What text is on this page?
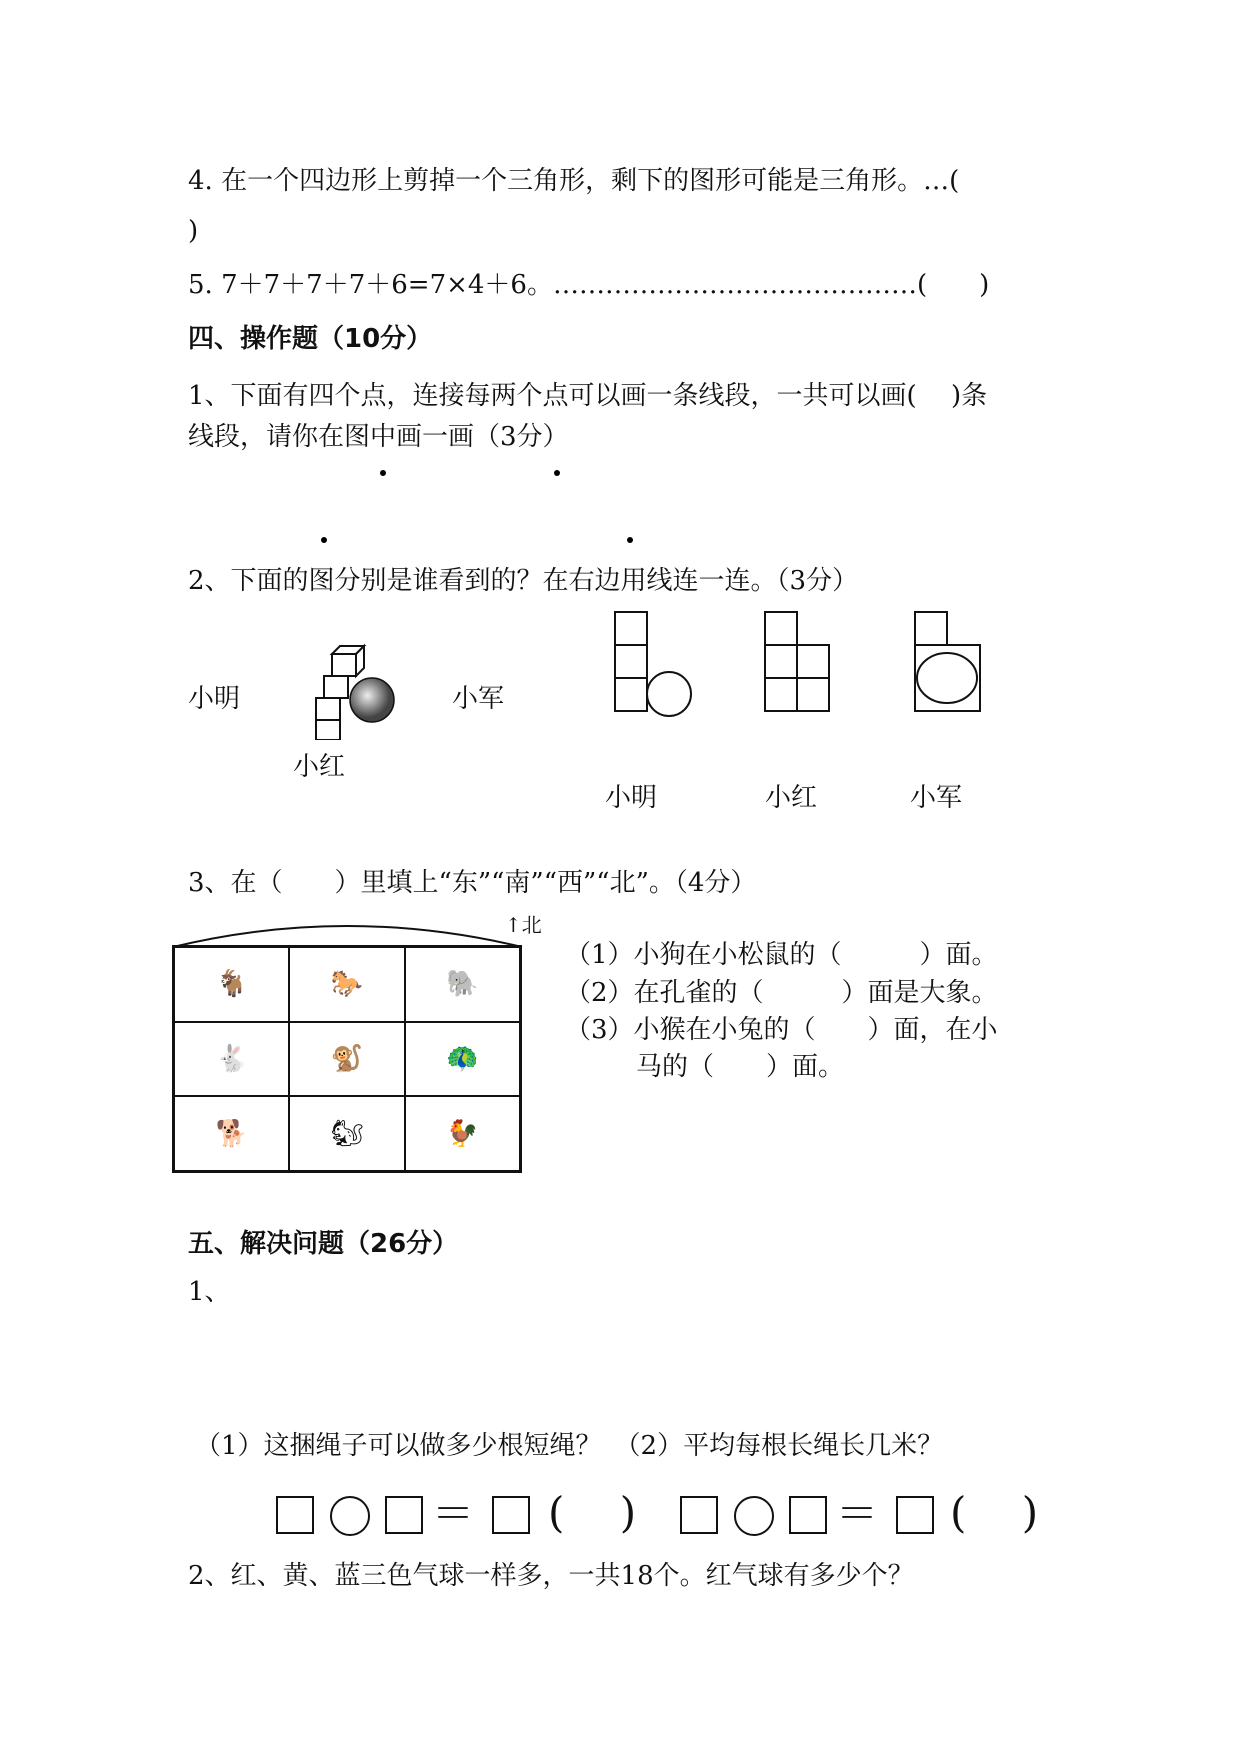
4. 在一个四边形上剪掉一个三角形，剩下的图形可能是三角形。…(
)
5. 7＋7＋7＋7＋6=7×4＋6。……………………………………(　　)
四、操作题（10分）
1、下面有四个点，连接每两个点可以画一条线段，一共可以画(　 )条
线段，请你在图中画一画（3分）
2、下面的图分别是谁看到的？在右边用线连一连。（3分）
小明	小军
小红
小明	小红	小军
3、在（　　）里填上“东”“南”“西”“北”。（4分）
↑北
🐐	🐎	🐘
🐇	🐒	🦚
🐕	🐿	🐓
（1）小狗在小松鼠的（　　　）面。
（2）在孔雀的（　　　）面是大象。
（3）小猴在小兔的（　　）面，在小
马的（　　）面。
五、解决问题（26分）
1、
（1）这捆绳子可以做多少根短绳？　（2）平均每根长绳长几米？
＝ (　 )	＝ (　 )
2、红、黄、蓝三色气球一样多，一共18个。红气球有多少个？
